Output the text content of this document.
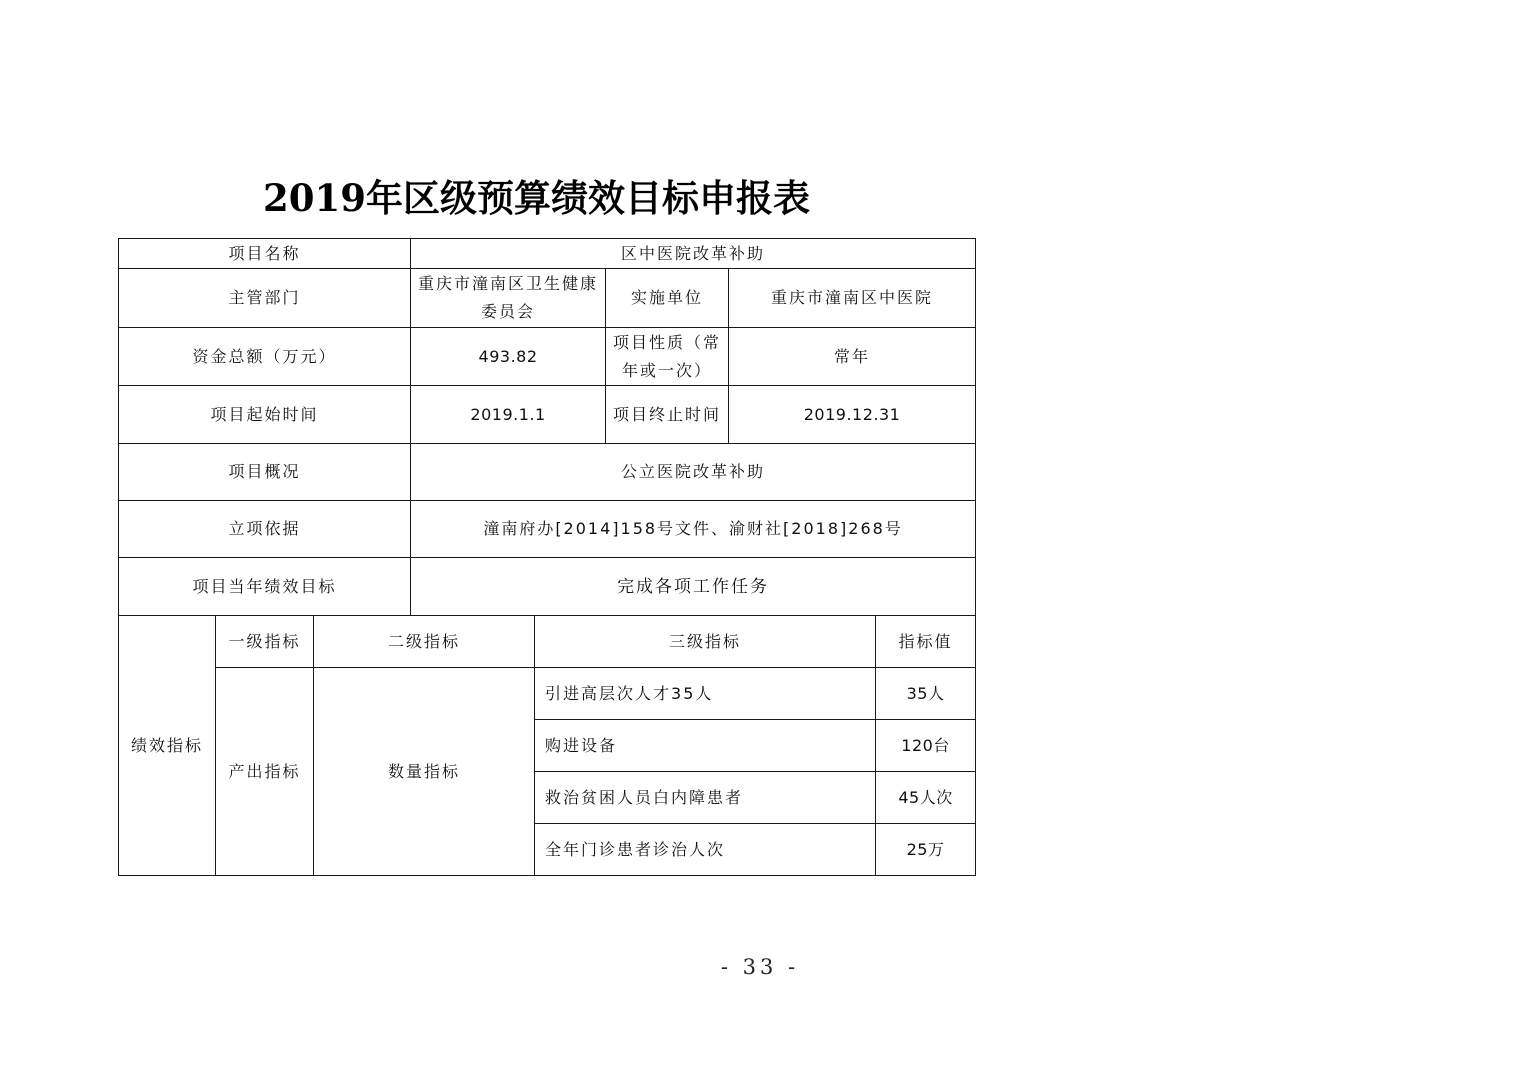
2019年区级预算绩效目标申报表
项目名称			区中医院改革补助				
主管部门			重庆市潼南区卫生健康委员会		实施单位	重庆市潼南区中医院	
资金总额（万元）			493.82		项目性质（常年或一次）	常年	
项目起始时间			2019.1.1		项目终止时间	2019.12.31	
项目概况			公立医院改革补助				
立项依据			潼南府办[2014]158号文件、渝财社[2018]268号				
项目当年绩效目标			完成各项工作任务				
绩效指标	一级指标	二级指标		三级指标			指标值
	产出指标	数量指标		引进高层次人才35人			35人
				购进设备			120台
				救治贫困人员白内障患者			45人次
				全年门诊患者诊治人次			25万
- 33 -
